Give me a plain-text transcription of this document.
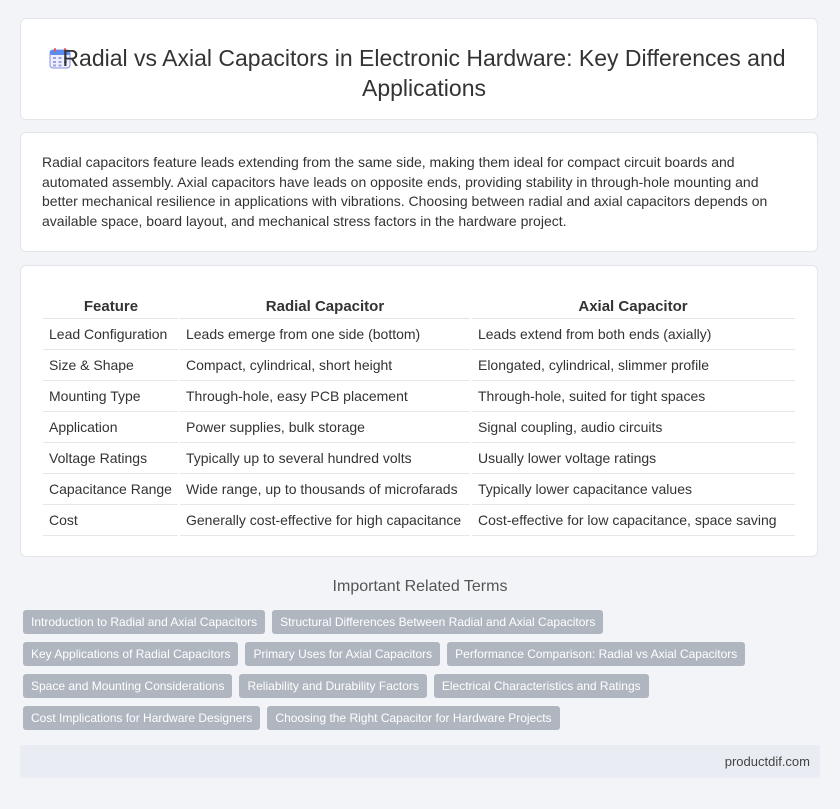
Radial vs Axial Capacitors in Electronic Hardware: Key Differences and Applications

Radial capacitors feature leads extending from the same side, making them ideal for compact circuit boards and automated assembly. Axial capacitors have leads on opposite ends, providing stability in through-hole mounting and better mechanical resilience in applications with vibrations. Choosing between radial and axial capacitors depends on available space, board layout, and mechanical stress factors in the hardware project.

Feature	Radial Capacitor	Axial Capacitor
Lead Configuration	Leads emerge from one side (bottom)	Leads extend from both ends (axially)
Size & Shape	Compact, cylindrical, short height	Elongated, cylindrical, slimmer profile
Mounting Type	Through-hole, easy PCB placement	Through-hole, suited for tight spaces
Application	Power supplies, bulk storage	Signal coupling, audio circuits
Voltage Ratings	Typically up to several hundred volts	Usually lower voltage ratings
Capacitance Range	Wide range, up to thousands of microfarads	Typically lower capacitance values
Cost	Generally cost-effective for high capacitance	Cost-effective for low capacitance, space saving
Important Related Terms
Introduction to Radial and Axial Capacitors	Structural Differences Between Radial and Axial Capacitors
Key Applications of Radial Capacitors	Primary Uses for Axial Capacitors	Performance Comparison: Radial vs Axial Capacitors
Space and Mounting Considerations	Reliability and Durability Factors	Electrical Characteristics and Ratings
Cost Implications for Hardware Designers	Choosing the Right Capacitor for Hardware Projects
productdif.com
